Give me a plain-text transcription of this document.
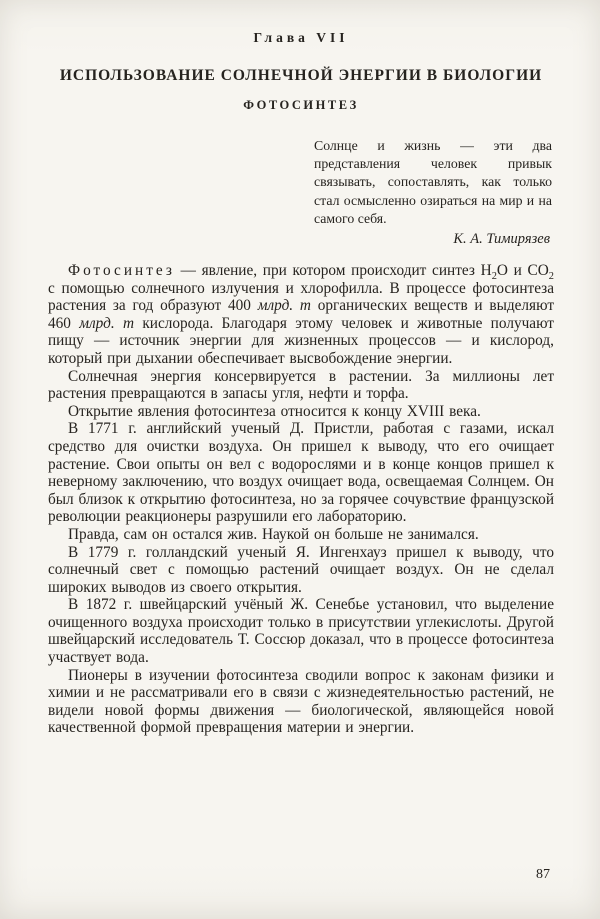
Глава VII
ИСПОЛЬЗОВАНИЕ СОЛНЕЧНОЙ ЭНЕРГИИ В БИОЛОГИИ
ФОТОСИНТЕЗ
Солнце и жизнь — эти два представления человек привык связывать, сопоставлять, как только стал осмысленно озираться на мир и на самого себя.
К. А. Тимирязев

Фотосинтез — явление, при котором происходит синтез $H_2O$ и $CO_2$ с помощью солнечного излучения и хлорофилла. В процессе фотосинтеза растения за год образуют 400 млрд. т органических веществ и выделяют 460 млрд. т кислорода. Благодаря этому человек и животные получают пищу — источник энергии для жизненных процессов — и кислород, который при дыхании обеспечивает высвобождение энергии.

Солнечная энергия консервируется в растении. За миллионы лет растения превращаются в запасы угля, нефти и торфа.

Открытие явления фотосинтеза относится к концу XVIII века.

В 1771 г. английский ученый Д. Пристли, работая с газами, искал средство для очистки воздуха. Он пришел к выводу, что его очищает растение. Свои опыты он вел с водорослями и в конце концов пришел к неверному заключению, что воздух очищает вода, освещаемая Солнцем. Он был близок к открытию фотосинтеза, но за горячее сочувствие французской революции реакционеры разрушили его лабораторию.

Правда, сам он остался жив. Наукой он больше не занимался.

В 1779 г. голландский ученый Я. Ингенхауз пришел к выводу, что солнечный свет с помощью растений очищает воздух. Он не сделал широких выводов из своего открытия.

В 1872 г. швейцарский учёный Ж. Сенебье установил, что выделение очищенного воздуха происходит только в присутствии углекислоты. Другой швейцарский исследователь Т. Соссюр доказал, что в процессе фотосинтеза участвует вода.

Пионеры в изучении фотосинтеза сводили вопрос к законам физики и химии и не рассматривали его в связи с жизнедеятельностью растений, не видели новой формы движения — биологической, являющейся новой качественной формой превращения материи и энергии.

87
